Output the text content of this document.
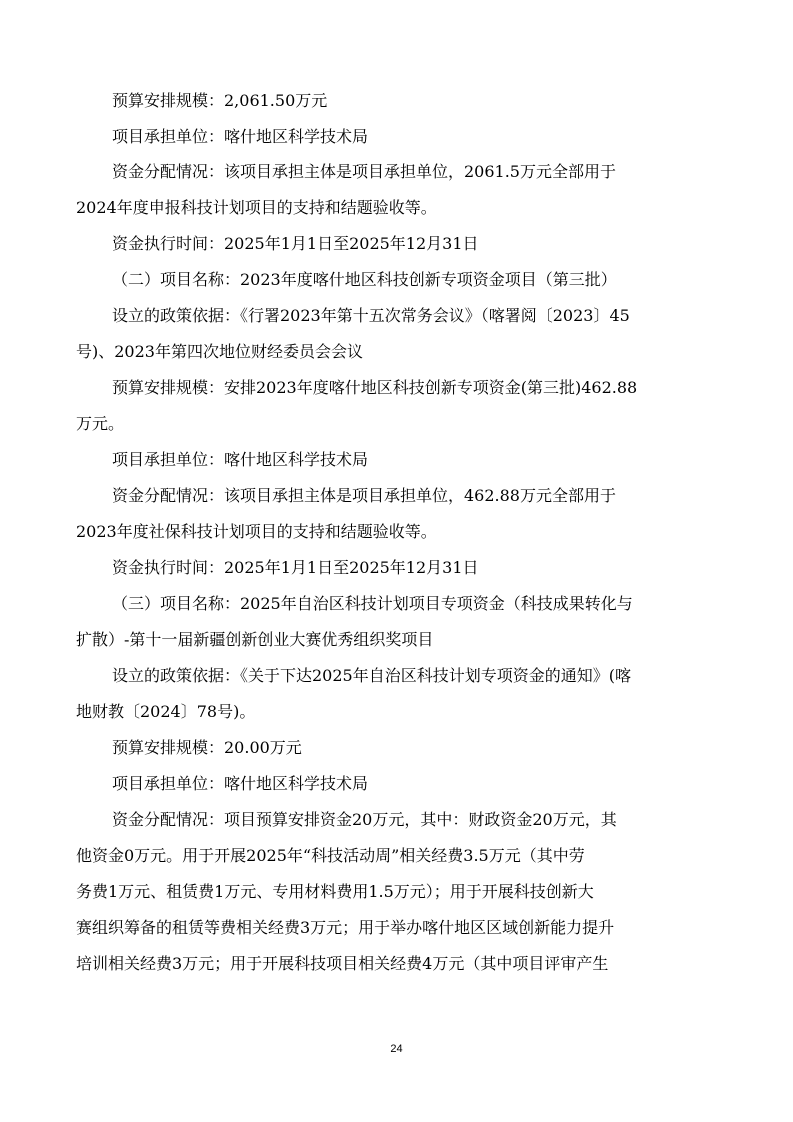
预算安排规模：2,061.50万元
项目承担单位：喀什地区科学技术局
资金分配情况：该项目承担主体是项目承担单位，2061.5万元全部用于
2024年度申报科技计划项目的支持和结题验收等。
资金执行时间：2025年1月1日至2025年12月31日
（二）项目名称：2023年度喀什地区科技创新专项资金项目（第三批）
设立的政策依据：《行署2023年第十五次常务会议》（喀署阅〔2023〕45
号)、2023年第四次地位财经委员会会议
预算安排规模：安排2023年度喀什地区科技创新专项资金(第三批)462.88
万元。
项目承担单位：喀什地区科学技术局
资金分配情况：该项目承担主体是项目承担单位，462.88万元全部用于
2023年度社保科技计划项目的支持和结题验收等。
资金执行时间：2025年1月1日至2025年12月31日
（三）项目名称：2025年自治区科技计划项目专项资金（科技成果转化与
扩散）-第十一届新疆创新创业大赛优秀组织奖项目
设立的政策依据：《关于下达2025年自治区科技计划专项资金的通知》(喀
地财教〔2024〕78号)。
预算安排规模：20.00万元
项目承担单位：喀什地区科学技术局
资金分配情况：项目预算安排资金20万元，其中：财政资金20万元，其
他资金0万元。用于开展2025年“科技活动周”相关经费3.5万元（其中劳
务费1万元、租赁费1万元、专用材料费用1.5万元）；用于开展科技创新大
赛组织筹备的租赁等费相关经费3万元；用于举办喀什地区区域创新能力提升
培训相关经费3万元；用于开展科技项目相关经费4万元（其中项目评审产生
24
